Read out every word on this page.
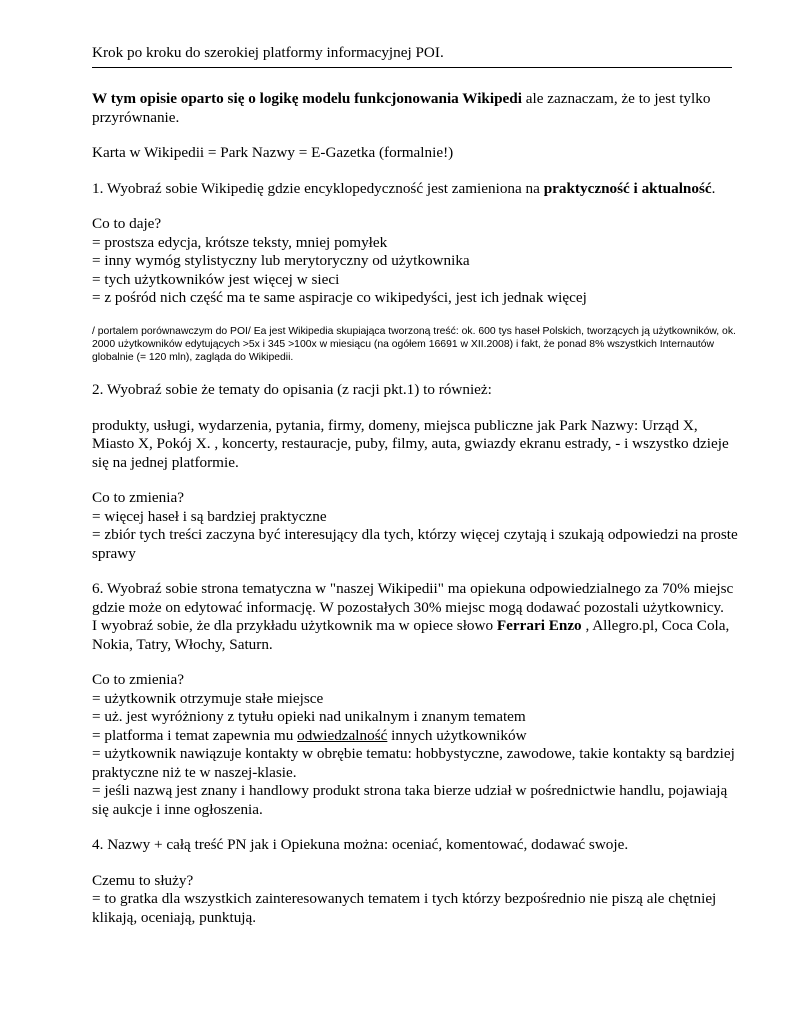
Krok po kroku do szerokiej platformy informacyjnej POI.

W tym opisie oparto się o logikę modelu funkcjonowania Wikipedi ale zaznaczam, że to jest tylko przyrównanie.

Karta w Wikipedii = Park Nazwy = E-Gazetka (formalnie!)

1. Wyobraź sobie Wikipedię gdzie encyklopedyczność jest zamieniona na praktyczność i aktualność.

Co to daje?

= prostsza edycja, krótsze teksty, mniej pomyłek

= inny wymóg stylistyczny lub merytoryczny od użytkownika

= tych użytkowników jest więcej w sieci

= z pośród nich część ma te same aspiracje co wikipedyści, jest ich jednak więcej

/ portalem porównawczym do POI/ Ea jest Wikipedia skupiająca tworzoną treść: ok. 600 tys haseł Polskich, tworzących ją użytkowników, ok. 2000 użytkowników edytujących >5x i 345 >100x w miesiącu (na ogółem 16691 w XII.2008) i fakt, że ponad 8% wszystkich Internautów globalnie (= 120 mln), zagląda do Wikipedii.

2. Wyobraź sobie że tematy do opisania (z racji pkt.1) to również:

produkty, usługi, wydarzenia, pytania, firmy, domeny, miejsca publiczne jak Park Nazwy: Urząd X, Miasto X, Pokój X. , koncerty, restauracje, puby, filmy, auta, gwiazdy ekranu estrady, - i wszystko dzieje się na jednej platformie.

Co to zmienia?

= więcej haseł i są bardziej praktyczne

= zbiór tych treści zaczyna być interesujący dla tych, którzy więcej czytają i szukają odpowiedzi na proste sprawy

6. Wyobraź sobie strona tematyczna w "naszej Wikipedii" ma opiekuna odpowiedzialnego za 70% miejsc gdzie może on edytować informację. W pozostałych 30% miejsc mogą dodawać pozostali użytkownicy.

I wyobraź sobie, że dla przykładu użytkownik ma w opiece słowo Ferrari Enzo , Allegro.pl, Coca Cola, Nokia, Tatry, Włochy, Saturn.

Co to zmienia?

= użytkownik otrzymuje stałe miejsce

= uż. jest wyróżniony z tytułu opieki nad unikalnym i znanym tematem

= platforma i temat zapewnia mu odwiedzalność innych użytkowników

= użytkownik nawiązuje kontakty w obrębie tematu: hobbystyczne, zawodowe, takie kontakty są bardziej praktyczne niż te w naszej-klasie.

= jeśli nazwą jest znany i handlowy produkt strona taka bierze udział w pośrednictwie handlu, pojawiają się aukcje i inne ogłoszenia.

4. Nazwy + całą treść PN jak i Opiekuna można: oceniać, komentować, dodawać swoje.

Czemu to służy?

= to gratka dla wszystkich zainteresowanych tematem i tych którzy bezpośrednio nie piszą ale chętniej klikają, oceniają, punktują.
